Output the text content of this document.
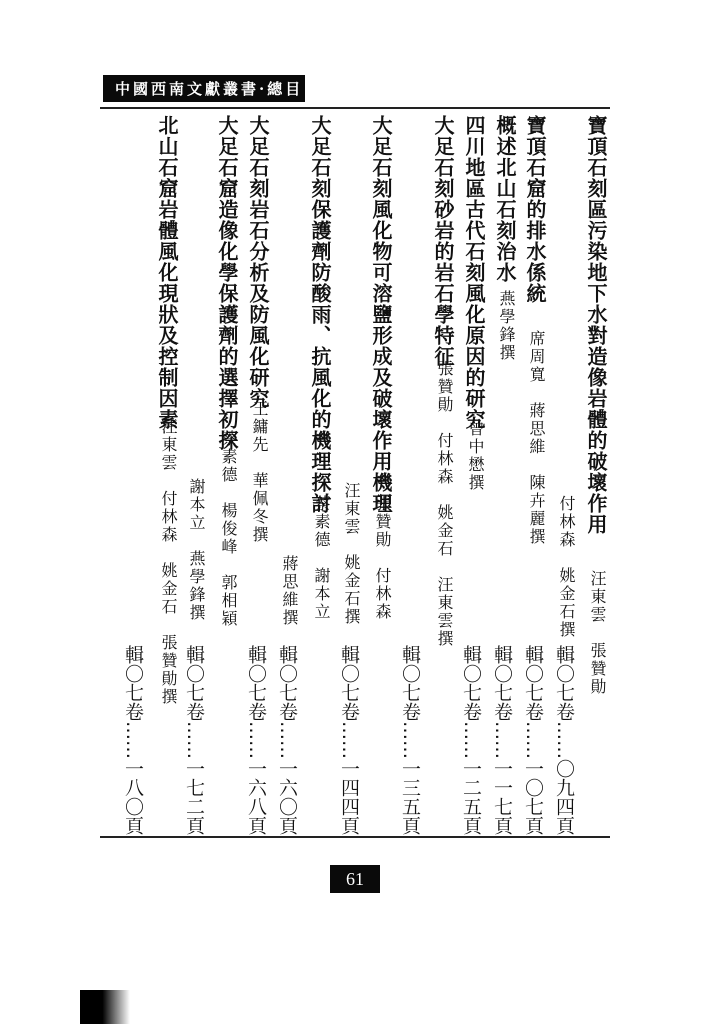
中國西南文獻叢書·總目
寶頂石刻區污染地下水對造像岩體的破壞作用
汪東雲　張贊勛
付林森　姚金石撰
輯〇七卷……〇九四頁
寶頂石窟的排水係統
席周寬　蔣思維　陳卉麗撰
輯〇七卷……一〇七頁
概述北山石刻治水
燕學鋒撰
輯〇七卷……一一七頁
四川地區古代石刻風化原因的研究
曾中懋撰
輯〇七卷……一二五頁
大足石刻砂岩的岩石學特征
張贊勛　付林森　姚金石　汪東雲撰
輯〇七卷……一三五頁
大足石刻風化物可溶鹽形成及破壞作用機理
張贊勛　付林森
汪東雲　姚金石撰
輯〇七卷……一四四頁
大足石刻保護劑防酸雨、抗風化的機理探討
蔡素德　謝本立
蔣思維撰
輯〇七卷……一六〇頁
大足石刻岩石分析及防風化研究
王鏞先　華佩冬撰
輯〇七卷……一六八頁
大足石窟造像化學保護劑的選擇初探
蔡素德　楊俊峰　郭相穎
謝本立　燕學鋒撰
輯〇七卷……一七二頁
北山石窟岩體風化現狀及控制因素
汪東雲　付林森　姚金石　張贊勛撰
輯〇七卷……一八〇頁
61
